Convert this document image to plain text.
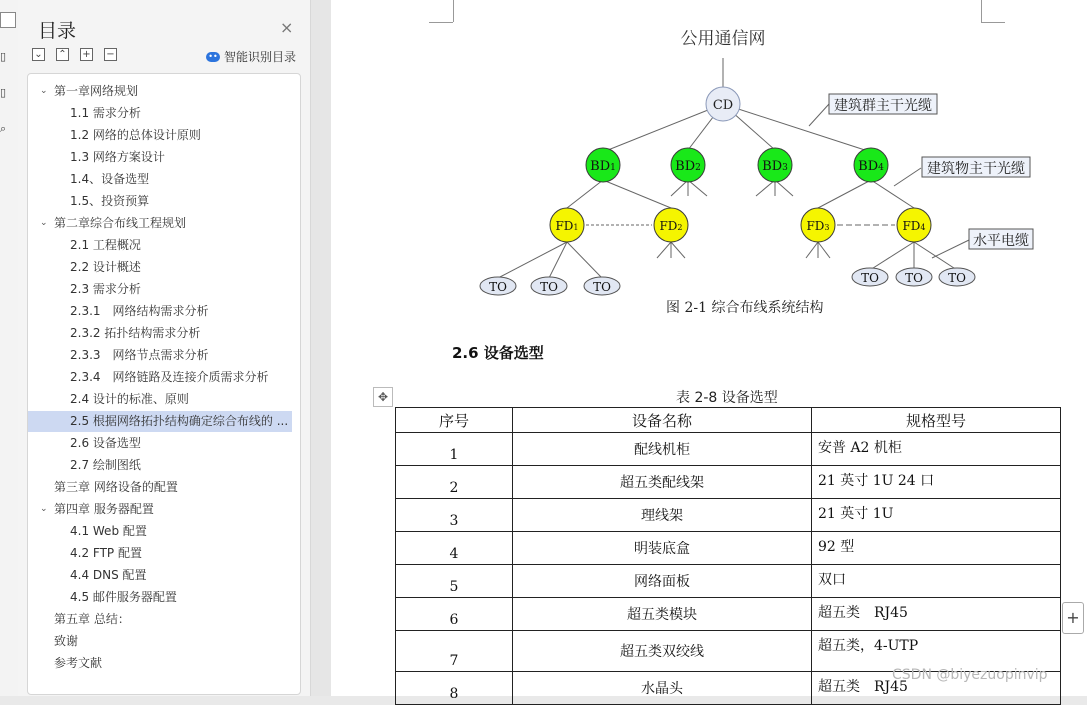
▯
▯
⌕
目录	×
⌄ ⌃ + −	•• 智能识别目录
⌄ 第一章网络规划
1.1 需求分析
1.2 网络的总体设计原则
1.3 网络方案设计
1.4、设备选型
1.5、投资预算
⌄ 第二章综合布线工程规划
2.1 工程概况
2.2 设计概述
2.3 需求分析
2.3.1　网络结构需求分析
2.3.2 拓扑结构需求分析
2.3.3　网络节点需求分析
2.3.4　网络链路及连接介质需求分析
2.4 设计的标准、原则
2.5 根据网络拓扑结构确定综合布线的 ...
2.6 设备选型
2.7 绘制图纸
第三章 网络设备的配置
⌄ 第四章 服务器配置
4.1 Web 配置
4.2 FTP 配置
4.4 DNS 配置
4.5 邮件服务器配置
第五章 总结：
致谢
参考文献
公用通信网
CD	建筑群主干光缆
建筑物主干光缆
水平电缆
BD1	BD2	BD3	BD4
FD1	FD2	FD3	FD4
TO	TO	TO
TO TO TO
图 2-1 综合布线系统结构
2.6 设备选型
✥	表 2-8 设备选型
序号	设备名称	规格型号
1	配线机柜	安普 A2 机柜
2	超五类配线架	21 英寸 1U 24 口
3	理线架	21 英寸 1U
4	明装底盒	92 型
5	网络面板	双口
6	超五类模块	超五类　RJ45
7	超五类双绞线	超五类，4-UTP
8	水晶头	超五类　RJ45
+
CSDN @biyezuopinvip
